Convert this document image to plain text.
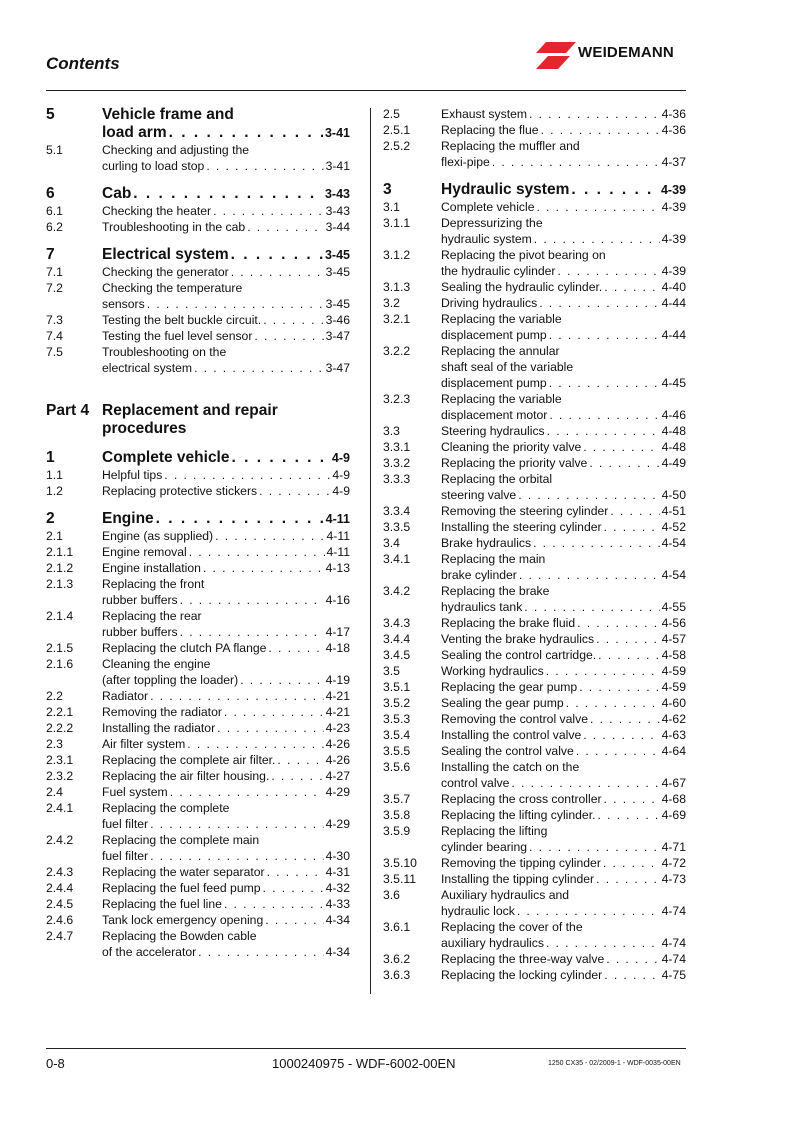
Contents
WEIDEMANN
5	Vehicle frame and
load arm . . .	3-41
5.1	Checking and adjusting the
curling to load stop . . .	3-41
6	Cab . . .	3-43
6.1	Checking the heater . . .	3-43
6.2	Troubleshooting in the cab . . .	3-44
7	Electrical system . . .	3-45
7.1	Checking the generator . . .	3-45
7.2	Checking the temperature
sensors . . .	3-45
7.3	Testing the belt buckle circuit. . . .	3-46
7.4	Testing the fuel level sensor . . .	3-47
7.5	Troubleshooting on the
electrical system . . .	3-47
Part 4 Replacement and repair
procedures
1	Complete vehicle . . .	4-9
1.1	Helpful tips . . .	4-9
1.2	Replacing protective stickers . . .	4-9
2	Engine . . .	4-11
2.1	Engine (as supplied) . . .	4-11
2.1.1	Engine removal . . .	4-11
2.1.2	Engine installation . . .	4-13
2.1.3	Replacing the front
rubber buffers . . .	4-16
2.1.4	Replacing the rear
rubber buffers . . .	4-17
2.1.5	Replacing the clutch PA flange . . .	4-18
2.1.6	Cleaning the engine
(after toppling the loader) . . .	4-19
2.2	Radiator . . .	4-21
2.2.1	Removing the radiator . . .	4-21
2.2.2	Installing the radiator . . .	4-23
2.3	Air filter system . . .	4-26
2.3.1	Replacing the complete air filter. . . .	4-26
2.3.2	Replacing the air filter housing. . . .	4-27
2.4	Fuel system . . .	4-29
2.4.1	Replacing the complete
fuel filter . . .	4-29
2.4.2	Replacing the complete main
fuel filter . . .	4-30
2.4.3	Replacing the water separator . . .	4-31
2.4.4	Replacing the fuel feed pump . . .	4-32
2.4.5	Replacing the fuel line . . .	4-33
2.4.6	Tank lock emergency opening . . .	4-34
2.4.7	Replacing the Bowden cable
of the accelerator . . .	4-34
2.5	Exhaust system . . .	4-36
2.5.1	Replacing the flue . . .	4-36
2.5.2	Replacing the muffler and
flexi-pipe . . .	4-37
3	Hydraulic system . . .	4-39
3.1	Complete vehicle . . .	4-39
3.1.1	Depressurizing the
hydraulic system . . .	4-39
3.1.2	Replacing the pivot bearing on
the hydraulic cylinder . . .	4-39
3.1.3	Sealing the hydraulic cylinder. . . .	4-40
3.2	Driving hydraulics . . .	4-44
3.2.1	Replacing the variable
displacement pump . . .	4-44
3.2.2	Replacing the annular
shaft seal of the variable
displacement pump . . .	4-45
3.2.3	Replacing the variable
displacement motor . . .	4-46
3.3	Steering hydraulics . . .	4-48
3.3.1	Cleaning the priority valve . . .	4-48
3.3.2	Replacing the priority valve . . .	4-49
3.3.3	Replacing the orbital
steering valve . . .	4-50
3.3.4	Removing the steering cylinder . . .	4-51
3.3.5	Installing the steering cylinder . . .	4-52
3.4	Brake hydraulics . . .	4-54
3.4.1	Replacing the main
brake cylinder . . .	4-54
3.4.2	Replacing the brake
hydraulics tank . . .	4-55
3.4.3	Replacing the brake fluid . . .	4-56
3.4.4	Venting the brake hydraulics . . .	4-57
3.4.5	Sealing the control cartridge. . . .	4-58
3.5	Working hydraulics . . .	4-59
3.5.1	Replacing the gear pump . . .	4-59
3.5.2	Sealing the gear pump . . .	4-60
3.5.3	Removing the control valve . . .	4-62
3.5.4	Installing the control valve . . .	4-63
3.5.5	Sealing the control valve . . .	4-64
3.5.6	Installing the catch on the
control valve . . .	4-67
3.5.7	Replacing the cross controller . . .	4-68
3.5.8	Replacing the lifting cylinder. . . .	4-69
3.5.9	Replacing the lifting
cylinder bearing . . .	4-71
3.5.10	Removing the tipping cylinder . . .	4-72
3.5.11	Installing the tipping cylinder . . .	4-73
3.6	Auxiliary hydraulics and
hydraulic lock . . .	4-74
3.6.1	Replacing the cover of the
auxiliary hydraulics . . .	4-74
3.6.2	Replacing the three-way valve . . .	4-74
3.6.3	Replacing the locking cylinder . . .	4-75
0-8	1000240975 - WDF-6002-00EN	1250 CX35 - 02/2009-1 - WDF-0035-00EN
